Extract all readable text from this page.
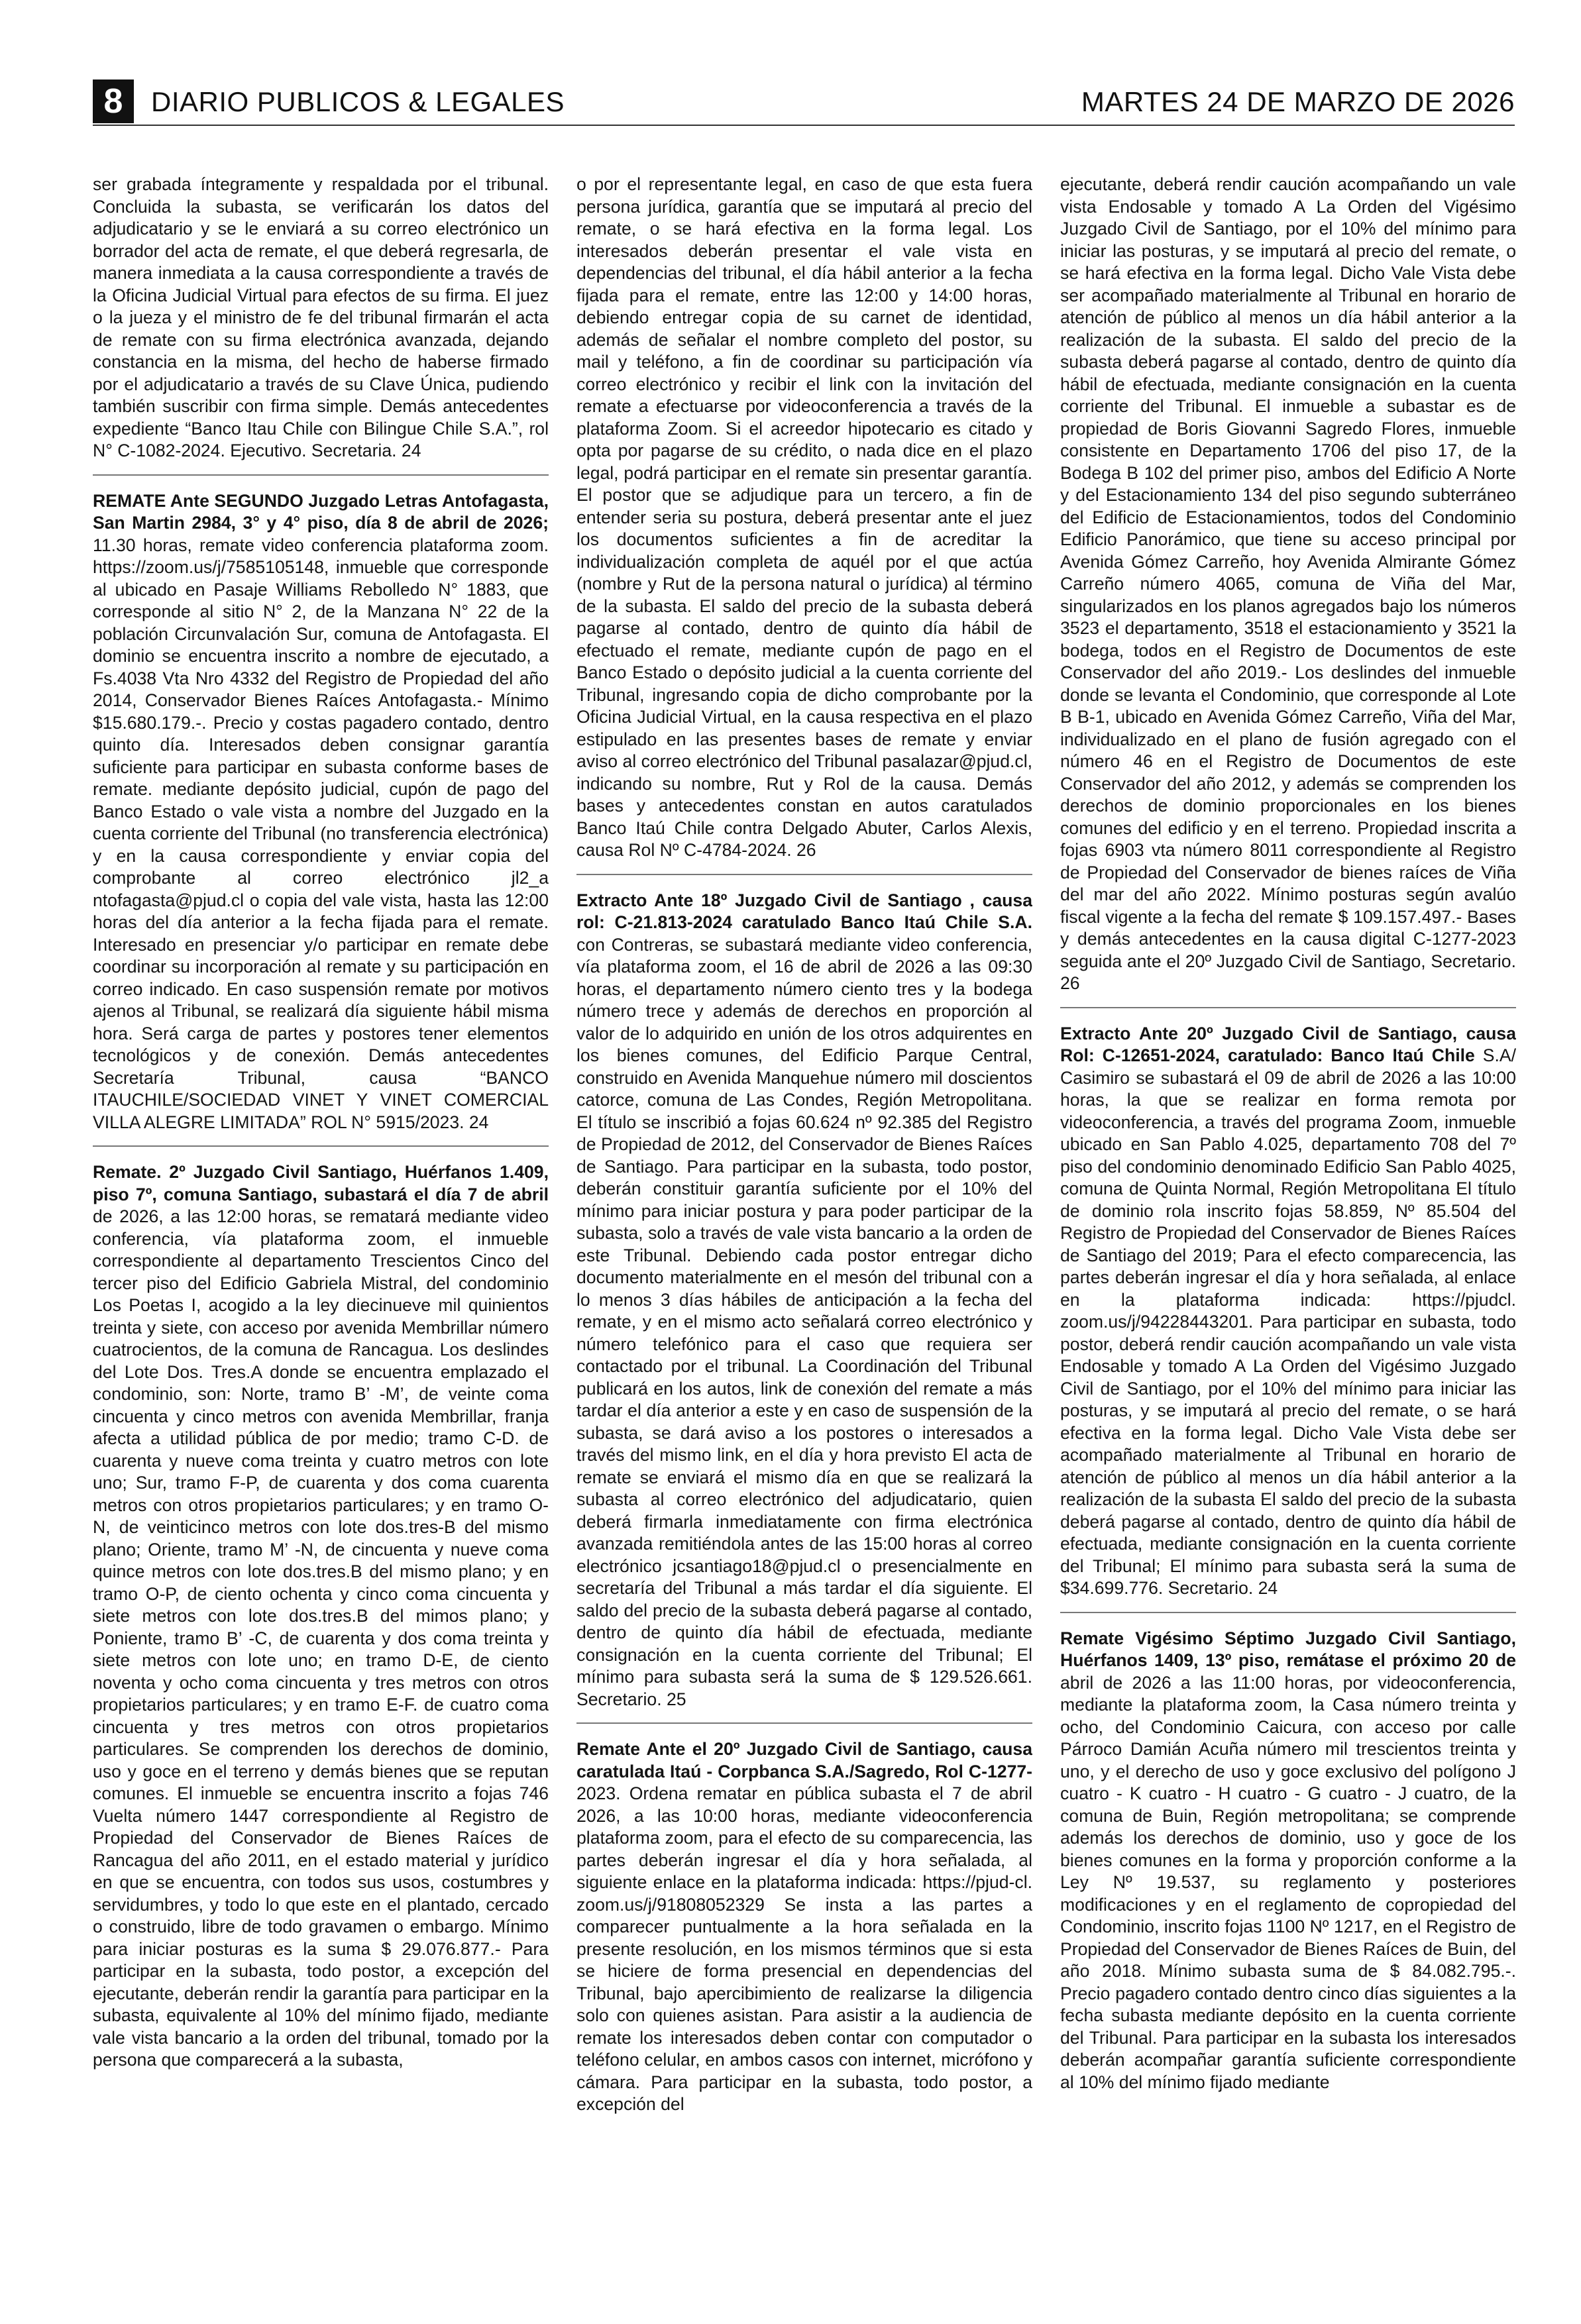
8	DIARIO PUBLICOS & LEGALES	MARTES 24 DE MARZO DE 2026

ser grabada íntegramente y respaldada por el tribunal. Concluida la subasta, se verificarán los datos del adjudicatario y se le enviará a su correo electrónico un borrador del acta de remate, el que deberá regresarla, de manera inmediata a la causa correspondiente a través de la Oficina Judicial Virtual para efectos de su firma. El juez o la jueza y el ministro de fe del tribunal firmarán el acta de remate con su firma electrónica avanzada, dejando constancia en la misma, del hecho de haberse firmado por el adjudicatario a través de su Clave Única, pudiendo también suscribir con firma simple. Demás antecedentes expediente “Banco Itau Chile con Bilingue Chile S.A.”, rol N° C-1082-2024. Ejecutivo. Secretaria. 24

REMATE Ante SEGUNDO Juzgado Letras Antofagasta, San Martin 2984, 3° y 4° piso, día 8 de abril de 2026; 11.30 horas, remate video conferencia plataforma zoom. https://zoom.us/j/7585105148, inmueble que corresponde al ubicado en Pasaje Williams Rebolledo N° 1883, que corresponde al sitio N° 2, de la Manzana N° 22 de la población Circunvalación Sur, comuna de Antofagasta. El dominio se encuentra inscrito a nombre de ejecutado, a Fs.4038 Vta Nro 4332 del Registro de Propiedad del año 2014, Conservador Bienes Raíces Antofagasta.- Mínimo $15.680.179.-. Precio y costas pagadero contado, dentro quinto día. Interesados deben consignar garantía suficiente para participar en subasta conforme bases de remate. mediante depósito judicial, cupón de pago del Banco Estado o vale vista a nombre del Juzgado en la cuenta corriente del Tribunal (no transferencia electrónica) y en la causa correspondiente y enviar copia del comprobante al correo electrónico jl2_a ntofagasta@pjud.cl o copia del vale vista, hasta las 12:00 horas del día anterior a la fecha fijada para el remate. Interesado en presenciar y/o participar en remate debe coordinar su incorporación aI remate y su participación en correo indicado. En caso suspensión remate por motivos ajenos al Tribunal, se realizará día siguiente hábil misma hora. Será carga de partes y postores tener elementos tecnológicos y de conexión. Demás antecedentes Secretaría Tribunal, causa “BANCO ITAUCHILE/SOCIEDAD VINET Y VINET COMERCIAL VILLA ALEGRE LIMITADA” ROL N° 5915/2023. 24

Remate. 2º Juzgado Civil Santiago, Huérfanos 1.409, piso 7º, comuna Santiago, subastará el día 7 de abril de 2026, a las 12:00 horas, se rematará mediante video conferencia, vía plataforma zoom, el inmueble correspondiente al departamento Trescientos Cinco del tercer piso del Edificio Gabriela Mistral, del condominio Los Poetas I, acogido a la ley diecinueve mil quinientos treinta y siete, con acceso por avenida Membrillar número cuatrocientos, de la comuna de Rancagua. Los deslindes del Lote Dos. Tres.A donde se encuentra emplazado el condominio, son: Norte, tramo B’ -M’, de veinte coma cincuenta y cinco metros con avenida Membrillar, franja afecta a utilidad pública de por medio; tramo C-D. de cuarenta y nueve coma treinta y cuatro metros con lote uno; Sur, tramo F-P, de cuarenta y dos coma cuarenta metros con otros propietarios particulares; y en tramo O-N, de veinticinco metros con lote dos.tres-B del mismo plano; Oriente, tramo M’ -N, de cincuenta y nueve coma quince metros con lote dos.tres.B del mismo plano; y en tramo O-P, de ciento ochenta y cinco coma cincuenta y siete metros con lote dos.tres.B del mimos plano; y Poniente, tramo B’ -C, de cuarenta y dos coma treinta y siete metros con lote uno; en tramo D-E, de ciento noventa y ocho coma cincuenta y tres metros con otros propietarios particulares; y en tramo E-F. de cuatro coma cincuenta y tres metros con otros propietarios particulares. Se comprenden los derechos de dominio, uso y goce en el terreno y demás bienes que se reputan comunes. El inmueble se encuentra inscrito a fojas 746 Vuelta número 1447 correspondiente al Registro de Propiedad del Conservador de Bienes Raíces de Rancagua del año 2011, en el estado material y jurídico en que se encuentra, con todos sus usos, costumbres y servidumbres, y todo lo que este en el plantado, cercado o construido, libre de todo gravamen o embargo. Mínimo para iniciar posturas es la suma $ 29.076.877.- Para participar en la subasta, todo postor, a excepción del ejecutante, deberán rendir la garantía para participar en la subasta, equivalente al 10% del mínimo fijado, mediante vale vista bancario a la orden del tribunal, tomado por la persona que comparecerá a la subasta,

o por el representante legal, en caso de que esta fuera persona jurídica, garantía que se imputará al precio del remate, o se hará efectiva en la forma legal. Los interesados deberán presentar el vale vista en dependencias del tribunal, el día hábil anterior a la fecha fijada para el remate, entre las 12:00 y 14:00 horas, debiendo entregar copia de su carnet de identidad, además de señalar el nombre completo del postor, su mail y teléfono, a fin de coordinar su participación vía correo electrónico y recibir el link con la invitación del remate a efectuarse por videoconferencia a través de la plataforma Zoom. Si el acreedor hipotecario es citado y opta por pagarse de su crédito, o nada dice en el plazo legal, podrá participar en el remate sin presentar garantía. El postor que se adjudique para un tercero, a fin de entender seria su postura, deberá presentar ante el juez los documentos suficientes a fin de acreditar la individualización completa de aquél por el que actúa (nombre y Rut de la persona natural o jurídica) al término de la subasta. El saldo del precio de la subasta deberá pagarse al contado, dentro de quinto día hábil de efectuado el remate, mediante cupón de pago en el Banco Estado o depósito judicial a la cuenta corriente del Tribunal, ingresando copia de dicho comprobante por la Oficina Judicial Virtual, en la causa respectiva en el plazo estipulado en las presentes bases de remate y enviar aviso al correo electrónico del Tribunal pasalazar@pjud.cl, indicando su nombre, Rut y Rol de la causa. Demás bases y antecedentes constan en autos caratulados Banco Itaú Chile contra Delgado Abuter, Carlos Alexis, causa Rol Nº C-4784-2024. 26

Extracto Ante 18º Juzgado Civil de Santiago , causa rol: C-21.813-2024 caratulado Banco Itaú Chile S.A. con Contreras, se subastará mediante video conferencia, vía plataforma zoom, el 16 de abril de 2026 a las 09:30 horas, el departamento número ciento tres y la bodega número trece y además de derechos en proporción al valor de lo adquirido en unión de los otros adquirentes en los bienes comunes, del Edificio Parque Central, construido en Avenida Manquehue número mil doscientos catorce, comuna de Las Condes, Región Metropolitana. El título se inscribió a fojas 60.624 nº 92.385 del Registro de Propiedad de 2012, del Conservador de Bienes Raíces de Santiago. Para participar en la subasta, todo postor, deberán constituir garantía suficiente por el 10% del mínimo para iniciar postura y para poder participar de la subasta, solo a través de vale vista bancario a la orden de este Tribunal. Debiendo cada postor entregar dicho documento materialmente en el mesón del tribunal con a lo menos 3 días hábiles de anticipación a la fecha del remate, y en el mismo acto señalará correo electrónico y número telefónico para el caso que requiera ser contactado por el tribunal. La Coordinación del Tribunal publicará en los autos, link de conexión del remate a más tardar el día anterior a este y en caso de suspensión de la subasta, se dará aviso a los postores o interesados a través del mismo link, en el día y hora previsto El acta de remate se enviará el mismo día en que se realizará la subasta al correo electrónico del adjudicatario, quien deberá firmarla inmediatamente con firma electrónica avanzada remitiéndola antes de las 15:00 horas al correo electrónico jcsantiago18@pjud.cl o presencialmente en secretaría del Tribunal a más tardar el día siguiente. El saldo del precio de la subasta deberá pagarse al contado, dentro de quinto día hábil de efectuada, mediante consignación en la cuenta corriente del Tribunal; El mínimo para subasta será la suma de $ 129.526.661. Secretario. 25

Remate Ante el 20º Juzgado Civil de Santiago, causa caratulada Itaú - Corpbanca S.A./Sagredo, Rol C-1277-2023. Ordena rematar en pública subasta el 7 de abril 2026, a las 10:00 horas, mediante videoconferencia plataforma zoom, para el efecto de su comparecencia, las partes deberán ingresar el día y hora señalada, al siguiente enlace en la plataforma indicada: https://pjud-cl. zoom.us/j/91808052329 Se insta a las partes a comparecer puntualmente a la hora señalada en la presente resolución, en los mismos términos que si esta se hiciere de forma presencial en dependencias del Tribunal, bajo apercibimiento de realizarse la diligencia solo con quienes asistan. Para asistir a la audiencia de remate los interesados deben contar con computador o teléfono celular, en ambos casos con internet, micrófono y cámara. Para participar en la subasta, todo postor, a excepción del

ejecutante, deberá rendir caución acompañando un vale vista Endosable y tomado A La Orden del Vigésimo Juzgado Civil de Santiago, por el 10% del mínimo para iniciar las posturas, y se imputará al precio del remate, o se hará efectiva en la forma legal. Dicho Vale Vista debe ser acompañado materialmente al Tribunal en horario de atención de público al menos un día hábil anterior a la realización de la subasta. El saldo del precio de la subasta deberá pagarse al contado, dentro de quinto día hábil de efectuada, mediante consignación en la cuenta corriente del Tribunal. El inmueble a subastar es de propiedad de Boris Giovanni Sagredo Flores, inmueble consistente en Departamento 1706 del piso 17, de la Bodega B 102 del primer piso, ambos del Edificio A Norte y del Estacionamiento 134 del piso segundo subterráneo del Edificio de Estacionamientos, todos del Condominio Edificio Panorámico, que tiene su acceso principal por Avenida Gómez Carreño, hoy Avenida Almirante Gómez Carreño número 4065, comuna de Viña del Mar, singularizados en los planos agregados bajo los números 3523 el departamento, 3518 el estacionamiento y 3521 la bodega, todos en el Registro de Documentos de este Conservador del año 2019.- Los deslindes del inmueble donde se levanta el Condominio, que corresponde al Lote B B-1, ubicado en Avenida Gómez Carreño, Viña del Mar, individualizado en el plano de fusión agregado con el número 46 en el Registro de Documentos de este Conservador del año 2012, y además se comprenden los derechos de dominio proporcionales en los bienes comunes del edificio y en el terreno. Propiedad inscrita a fojas 6903 vta número 8011 correspondiente al Registro de Propiedad del Conservador de bienes raíces de Viña del mar del año 2022. Mínimo posturas según avalúo fiscal vigente a la fecha del remate $ 109.157.497.- Bases y demás antecedentes en la causa digital C-1277-2023 seguida ante el 20º Juzgado Civil de Santiago, Secretario. 26

Extracto Ante 20º Juzgado Civil de Santiago, causa Rol: C-12651-2024, caratulado: Banco Itaú Chile S.A/ Casimiro se subastará el 09 de abril de 2026 a las 10:00 horas, la que se realizar en forma remota por videoconferencia, a través del programa Zoom, inmueble ubicado en San Pablo 4.025, departamento 708 del 7º piso del condominio denominado Edificio San Pablo 4025, comuna de Quinta Normal, Región Metropolitana El título de dominio rola inscrito fojas 58.859, Nº 85.504 del Registro de Propiedad del Conservador de Bienes Raíces de Santiago del 2019; Para el efecto comparecencia, las partes deberán ingresar el día y hora señalada, al enlace en la plataforma indicada: https://pjudcl. zoom.us/j/94228443201. Para participar en subasta, todo postor, deberá rendir caución acompañando un vale vista Endosable y tomado A La Orden del Vigésimo Juzgado Civil de Santiago, por el 10% del mínimo para iniciar las posturas, y se imputará al precio del remate, o se hará efectiva en la forma legal. Dicho Vale Vista debe ser acompañado materialmente al Tribunal en horario de atención de público al menos un día hábil anterior a la realización de la subasta El saldo del precio de la subasta deberá pagarse al contado, dentro de quinto día hábil de efectuada, mediante consignación en la cuenta corriente del Tribunal; El mínimo para subasta será la suma de $34.699.776. Secretario. 24

Remate Vigésimo Séptimo Juzgado Civil Santiago, Huérfanos 1409, 13º piso, remátase el próximo 20 de abril de 2026 a las 11:00 horas, por videoconferencia, mediante la plataforma zoom, la Casa número treinta y ocho, del Condominio Caicura, con acceso por calle Párroco Damián Acuña número mil trescientos treinta y uno, y el derecho de uso y goce exclusivo del polígono J cuatro - K cuatro - H cuatro - G cuatro - J cuatro, de la comuna de Buin, Región metropolitana; se comprende además los derechos de dominio, uso y goce de los bienes comunes en la forma y proporción conforme a la Ley Nº 19.537, su reglamento y posteriores modificaciones y en el reglamento de copropiedad del Condominio, inscrito fojas 1100 Nº 1217, en el Registro de Propiedad del Conservador de Bienes Raíces de Buin, del año 2018. Mínimo subasta suma de $ 84.082.795.-. Precio pagadero contado dentro cinco días siguientes a la fecha subasta mediante depósito en la cuenta corriente del Tribunal. Para participar en la subasta los interesados deberán acompañar garantía suficiente correspondiente al 10% del mínimo fijado mediante
